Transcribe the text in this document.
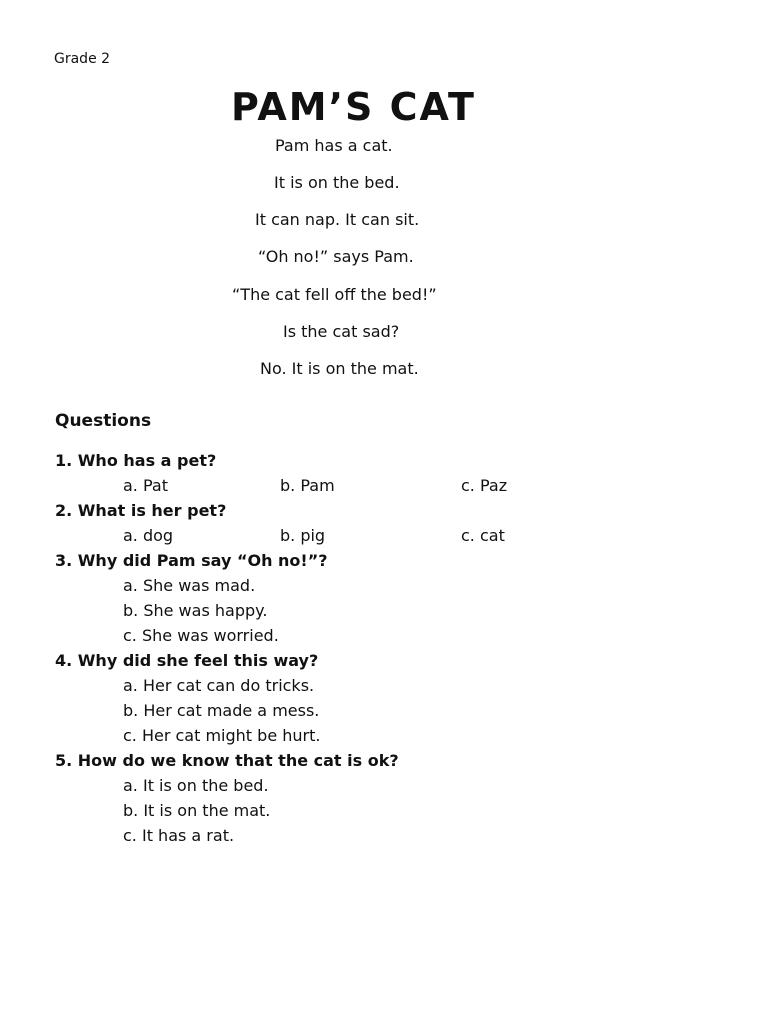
Grade 2
PAM’S CAT
Pam has a cat.
It is on the bed.
It can nap. It can sit.
“Oh no!” says Pam.
“The cat fell off the bed!”
Is the cat sad?
No. It is on the mat.
Questions
1. Who has a pet?
a. Pat	b. Pam	c. Paz
2. What is her pet?
a. dog	b. pig	c. cat
3. Why did Pam say “Oh no!”?
a. She was mad.
b. She was happy.
c. She was worried.
4. Why did she feel this way?
a. Her cat can do tricks.
b. Her cat made a mess.
c. Her cat might be hurt.
5. How do we know that the cat is ok?
a. It is on the bed.
b. It is on the mat.
c. It has a rat.
